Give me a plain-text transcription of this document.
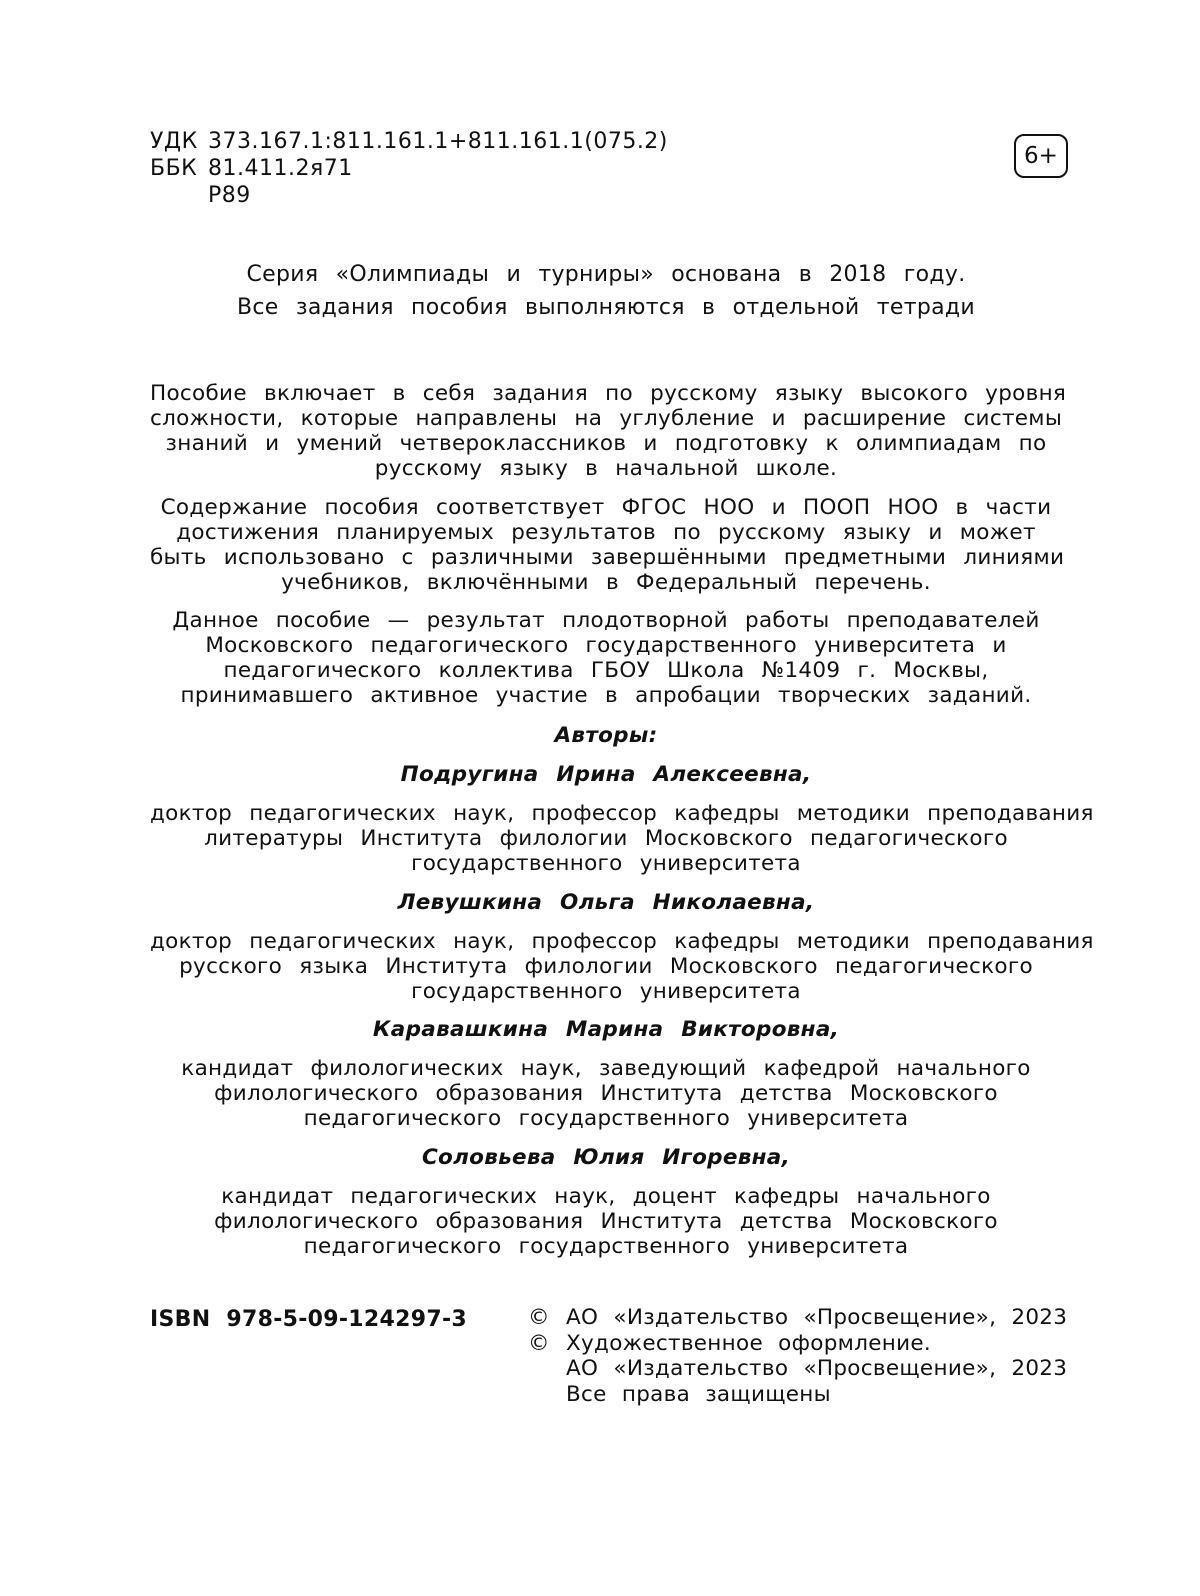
УДК 373.167.1:811.161.1+811.161.1(075.2)
ББК 81.411.2я71
Р89
6+
Серия «Олимпиады и турниры» основана в 2018 году.
Все задания пособия выполняются в отдельной тетради
Пособие включает в себя задания по русскому языку высокого уровня
сложности, которые направлены на углубление и расширение системы
знаний и умений четвероклассников и подготовку к олимпиадам по
русскому языку в начальной школе.
Содержание пособия соответствует ФГОС НОО и ПООП НОО в части
достижения планируемых результатов по русскому языку и может
быть использовано с различными завершёнными предметными линиями
учебников, включёнными в Федеральный перечень.
Данное пособие — результат плодотворной работы преподавателей
Московского педагогического государственного университета и
педагогического коллектива ГБОУ Школа №1409 г. Москвы,
принимавшего активное участие в апробации творческих заданий.
Авторы:
Подругина Ирина Алексеевна,
доктор педагогических наук, профессор кафедры методики преподавания
литературы Института филологии Московского педагогического
государственного университета
Левушкина Ольга Николаевна,
доктор педагогических наук, профессор кафедры методики преподавания
русского языка Института филологии Московского педагогического
государственного университета
Каравашкина Марина Викторовна,
кандидат филологических наук, заведующий кафедрой начального
филологического образования Института детства Московского
педагогического государственного университета
Соловьева Юлия Игоревна,
кандидат педагогических наук, доцент кафедры начального
филологического образования Института детства Московского
педагогического государственного университета
ISBN 978-5-09-124297-3	© АО «Издательство «Просвещение», 2023
© Художественное оформление.
АО «Издательство «Просвещение», 2023
Все права защищены
